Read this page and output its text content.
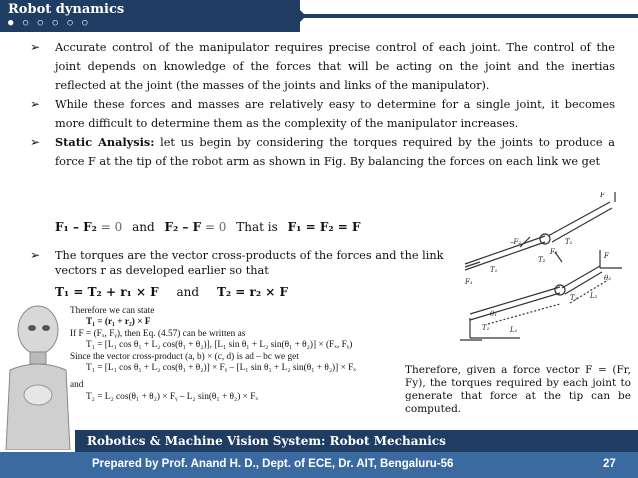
Robot dynamics
● ○ ○ ○ ○ ○
➢ Accurate control of the manipulator requires precise control of each joint. The control of the joint depends on knowledge of the forces that will be acting on the joint and the inertias reflected at the joint (the masses of the joints and links of the manipulator).
➢ While these forces and masses are relatively easy to determine for a single joint, it becomes more difficult to determine them as the complexity of the manipulator increases.
➢ Static Analysis: let us begin by considering the torques required by the joints to produce a force F at the tip of the robot arm as shown in Fig. By balancing the forces on each link we get
F₁ – F₂ = 0 and F₂ – F = 0 That is F₁ = F₂ = F
➢ The torques are the vector cross-products of the forces and the link vectors r as developed earlier so that
T₁ = T₂ + r₁ × F and T₂ = r₂ × F
Therefore we can state
T₁ = (r₁ + r₂) × F
If F = (Fₓ, Fᵧ), then Eq. (4.57) can be written as
T₁ = [L₁ cos θ₁ + L₂ cos(θ₁ + θ₂)], [L₁ sin θ₁ + L₂ sin(θ₁ + θ₂)] × (Fₓ, Fᵧ)
Since the vector cross-product (a, b) × (c, d) is ad – bc we get
T₁ = [L₁ cos θ₁ + L₂ cos(θ₁ + θ₂)] × Fᵧ – [L₁ sin θ₁ + L₂ sin(θ₁ + θ₂)] × Fₓ
and
T₂ = L₂ cos(θ₁ + θ₂) × Fᵧ – L₂ sin(θ₁ + θ₂) × Fₓ
Therefore, given a force vector F = (Fr, Fy), the torques required by each joint to generate that force at the tip can be computed.
F₁
T₁
–F₂
F₂
T₂
T₂
F
T₁	L₁
T₂ L₂
F
θ₂
θ₁
Robotics & Machine Vision System: Robot Mechanics
Prepared by Prof. Anand H. D., Dept. of ECE, Dr. AIT, Bengaluru-56	27
